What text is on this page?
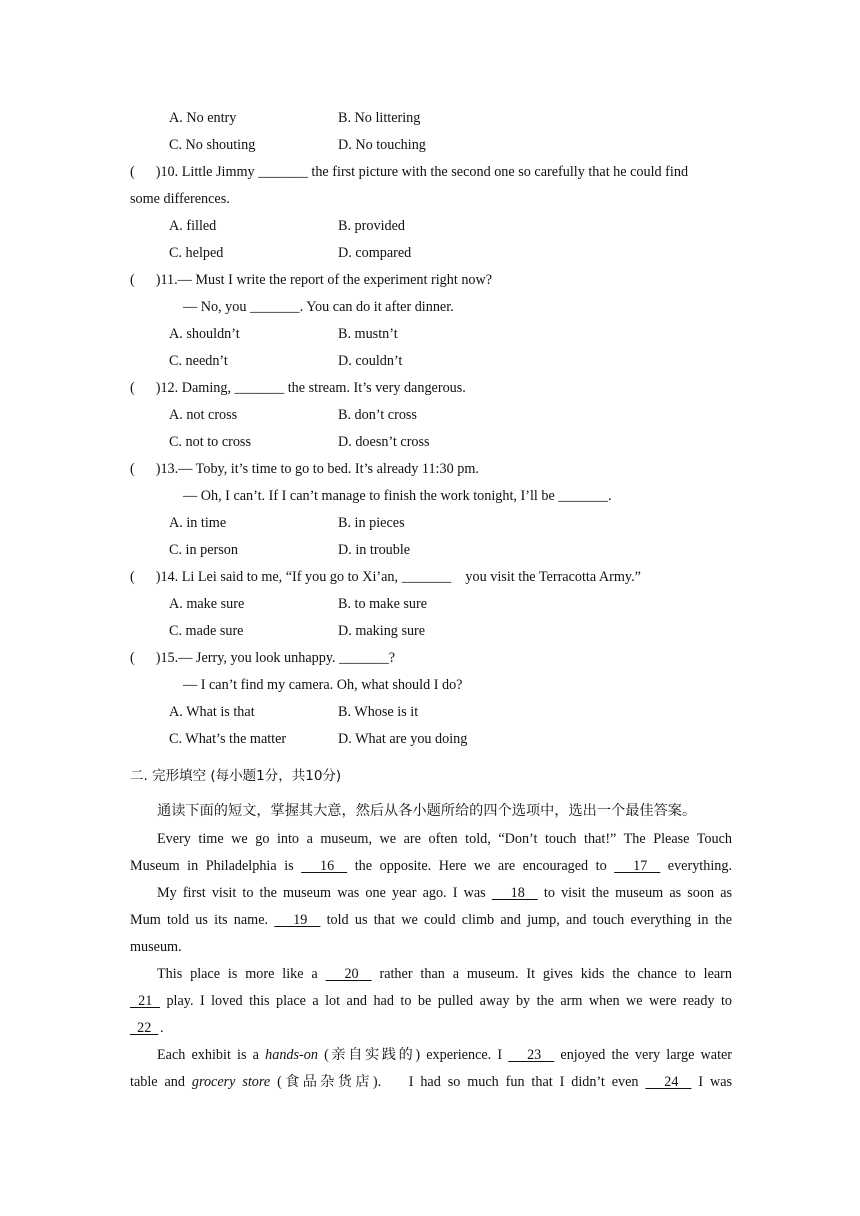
A. No entry	B. No littering
C. No shouting	D. No touching
( )10. Little Jimmy _______ the first picture with the second one so carefully that he could find
some differences.
A. filled	B. provided
C. helped	D. compared
( )11.— Must I write the report of the experiment right now?
— No, you _______. You can do it after dinner.
A. shouldn’t	B. mustn’t
C. needn’t	D. couldn’t
( )12. Daming, _______ the stream. It’s very dangerous.
A. not cross	B. don’t cross
C. not to cross	D. doesn’t cross
( )13.— Toby, it’s time to go to bed. It’s already 11:30 pm.
— Oh, I can’t. If I can’t manage to finish the work tonight, I’ll be _______.
A. in time	B. in pieces
C. in person	D. in trouble
( )14. Li Lei said to me, “If you go to Xi’an, _______    you visit the Terracotta Army.”
A. make sure	B. to make sure
C. made sure	D. making sure
( )15.— Jerry, you look unhappy. _______?
— I can’t find my camera. Oh, what should I do?
A. What is that	B. Whose is it
C. What’s the matter	D. What are you doing
二. 完形填空 (每小题1分，共10分)
通读下面的短文，掌握其大意，然后从各小题所给的四个选项中，选出一个最佳答案。
Every time we go into a museum, we are often told, “Don’t touch that!” The Please Touch
Museum in Philadelphia is   16   the opposite. Here we are encouraged to   17   everything.
My first visit to the museum was one year ago. I was   18   to visit the museum as soon as
Mum told us its name.   19   told us that we could climb and jump, and touch everything in the
museum.
This place is more like a   20   rather than a museum. It gives kids the chance to learn
21   play. I loved this place a lot and had to be pulled away by the arm when we were ready to
22  .
Each exhibit is a hands-on (亲自实践的) experience. I   23   enjoyed the very large water
table and grocery store (食品杂货店).    I had so much fun that I didn’t even   24   I was
